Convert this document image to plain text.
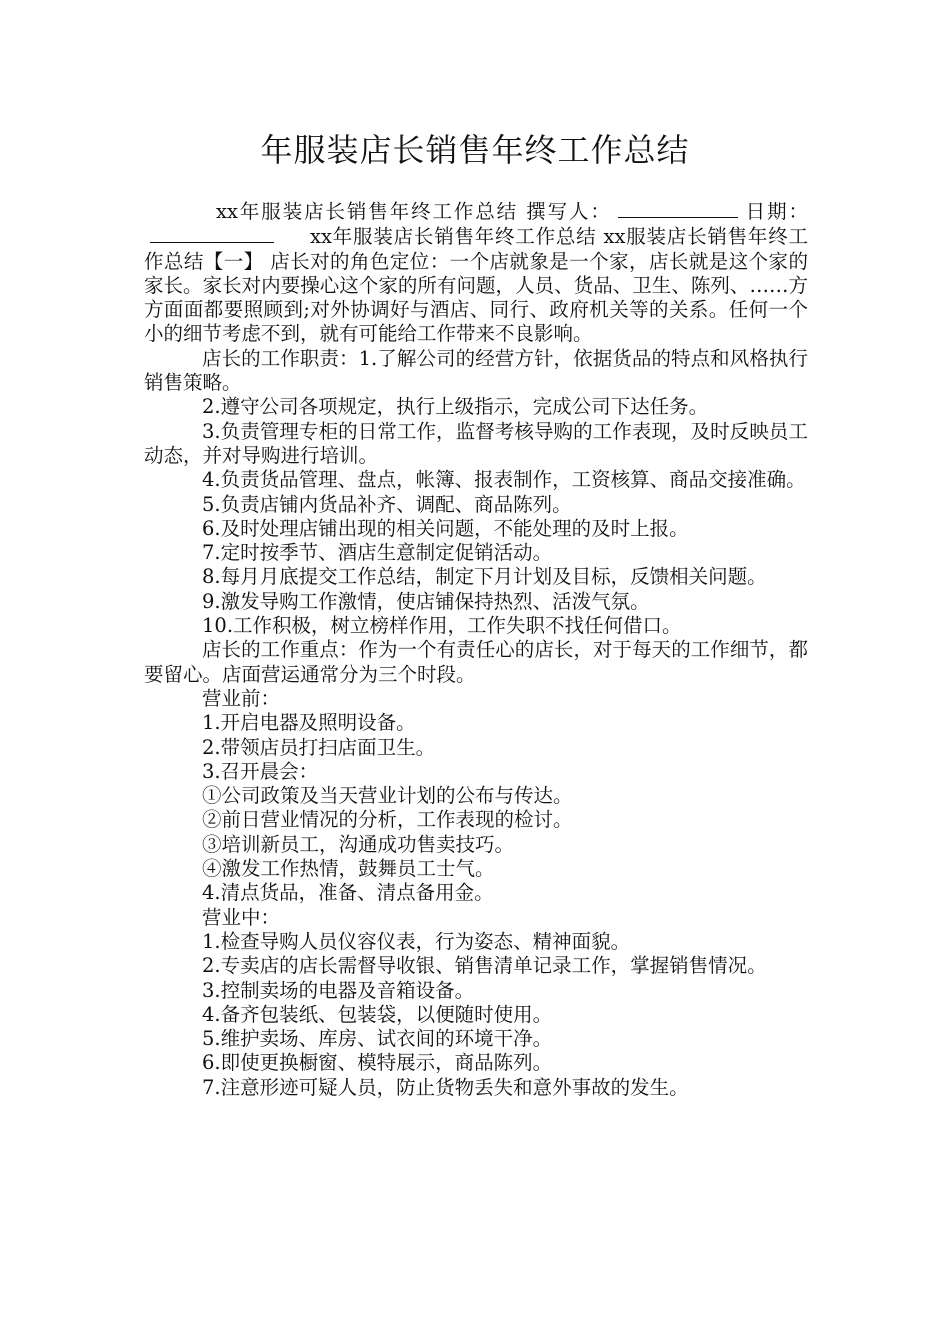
年服装店长销售年终工作总结

xx年服装店长销售年终工作总结 撰写人：	日期：xx年服装店长销售年终工作总结 xx服装店长销售年终工作总结【一】 店长对的角色定位：一个店就象是一个家，店长就是这个家的家长。家长对内要操心这个家的所有问题，人员、货品、卫生、陈列、……方方面面都要照顾到;对外协调好与酒店、同行、政府机关等的关系。任何一个小的细节考虑不到，就有可能给工作带来不良影响。

店长的工作职责：1.了解公司的经营方针，依据货品的特点和风格执行销售策略。

2.遵守公司各项规定，执行上级指示，完成公司下达任务。

3.负责管理专柜的日常工作，监督考核导购的工作表现，及时反映员工动态，并对导购进行培训。

4.负责货品管理、盘点，帐簿、报表制作，工资核算、商品交接准确。

5.负责店铺内货品补齐、调配、商品陈列。

6.及时处理店铺出现的相关问题，不能处理的及时上报。

7.定时按季节、酒店生意制定促销活动。

8.每月月底提交工作总结，制定下月计划及目标，反馈相关问题。

9.激发导购工作激情，使店铺保持热烈、活泼气氛。

10.工作积极，树立榜样作用，工作失职不找任何借口。

店长的工作重点：作为一个有责任心的店长，对于每天的工作细节，都要留心。店面营运通常分为三个时段。

营业前：

1.开启电器及照明设备。

2.带领店员打扫店面卫生。

3.召开晨会：

①公司政策及当天营业计划的公布与传达。

②前日营业情况的分析，工作表现的检讨。

③培训新员工，沟通成功售卖技巧。

④激发工作热情，鼓舞员工士气。

4.清点货品，准备、清点备用金。

营业中：

1.检查导购人员仪容仪表，行为姿态、精神面貌。

2.专卖店的店长需督导收银、销售清单记录工作，掌握销售情况。

3.控制卖场的电器及音箱设备。

4.备齐包装纸、包装袋，以便随时使用。

5.维护卖场、库房、试衣间的环境干净。

6.即使更换橱窗、模特展示，商品陈列。

7.注意形迹可疑人员，防止货物丢失和意外事故的发生。
